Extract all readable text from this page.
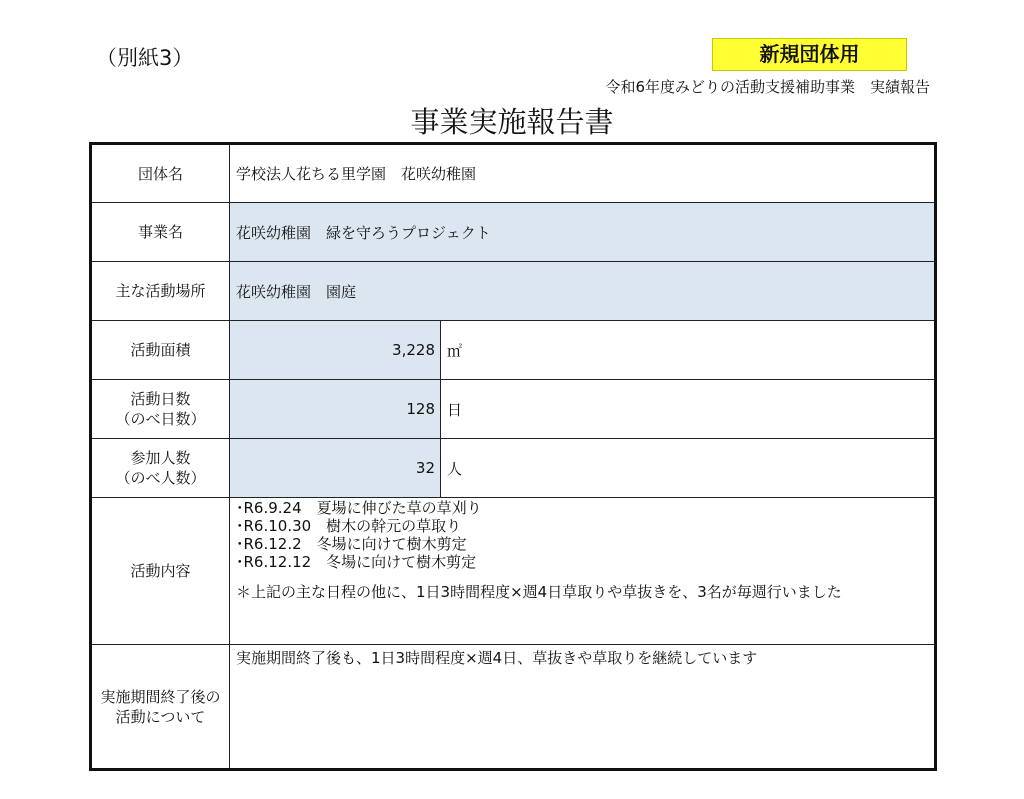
（別紙3）	新規団体用
令和6年度みどりの活動支援補助事業　実績報告
事業実施報告書
団体名	学校法人花ちる里学園　花咲幼稚園	
事業名	花咲幼稚園　緑を守ろうプロジェクト	
主な活動場所	花咲幼稚園　園庭	
活動面積	3,228	㎡

活動日数
（のべ日数）	128	日

参加人数
（のべ人数）	32	人
活動内容	･R6.9.24　夏場に伸びた草の草刈り
･R6.10.30　樹木の幹元の草取り
･R6.12.2　冬場に向けて樹木剪定
･R6.12.12　冬場に向けて樹木剪定
＊上記の主な日程の他に、1日3時間程度×週4日草取りや草抜きを、3名が毎週行いました	

実施期間終了後の
活動について	実施期間終了後も、1日3時間程度×週4日、草抜きや草取りを継続しています	
